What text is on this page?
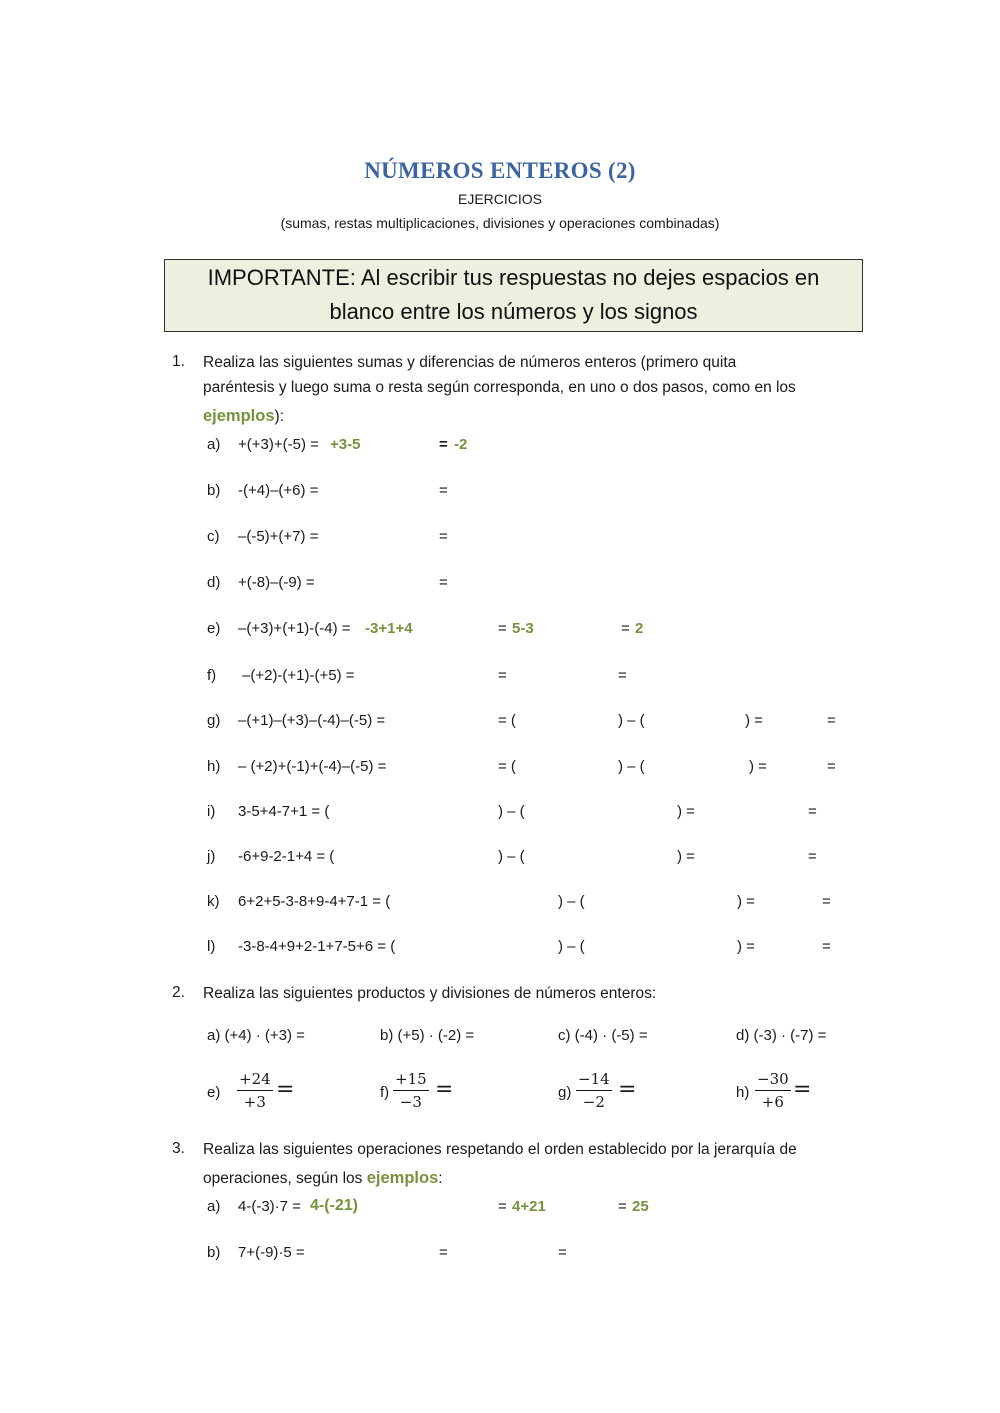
NÚMEROS ENTEROS (2)
EJERCICIOS
(sumas, restas multiplicaciones, divisiones y operaciones combinadas)
IMPORTANTE: Al escribir tus respuestas no dejes espacios en
blanco entre los números y los signos
1. Realiza las siguientes sumas y diferencias de números enteros (primero quita
paréntesis y luego suma o resta según corresponda, en uno o dos pasos, como en los
ejemplos):
a) +(+3)+(-5) = +3-5	= -2
b) -(+4)–(+6) =	=
c) –(-5)+(+7) =	=
d) +(-8)–(-9) =	=
e) –(+3)+(+1)-(-4) = -3+1+4	= 5-3	= 2
f) –(+2)-(+1)-(+5) =	=	=
g) –(+1)–(+3)–(-4)–(-5) =	= (	) – (	) =	=
h) – (+2)+(-1)+(-4)–(-5) =	= (	) – (	) =	=
i) 3-5+4-7+1 = (	) – (	) =	=
j) -6+9-2-1+4 = (	) – (	) =	=
k) 6+2+5-3-8+9-4+7-1 = (	) – (	) =	=
l) -3-8-4+9+2-1+7-5+6 = (	) – (	) =	=
2. Realiza las siguientes productos y divisiones de números enteros:
a) (+4) · (+3) =	b) (+5) · (-2) =	c) (-4) · (-5) =	d) (-3) · (-7) =
$e) \frac{+24}{+3}$ =	$f) \frac{+15}{-3}$ =	$g) \frac{-14}{-2}$ =	$h) \frac{-30}{+6}$ =
3. Realiza las siguientes operaciones respetando el orden establecido por la jerarquía de
operaciones, según los ejemplos:
a) 4-(-3)·7 = 4-(-21)	= 4+21	= 25
b) 7+(-9)·5 =	=	=
